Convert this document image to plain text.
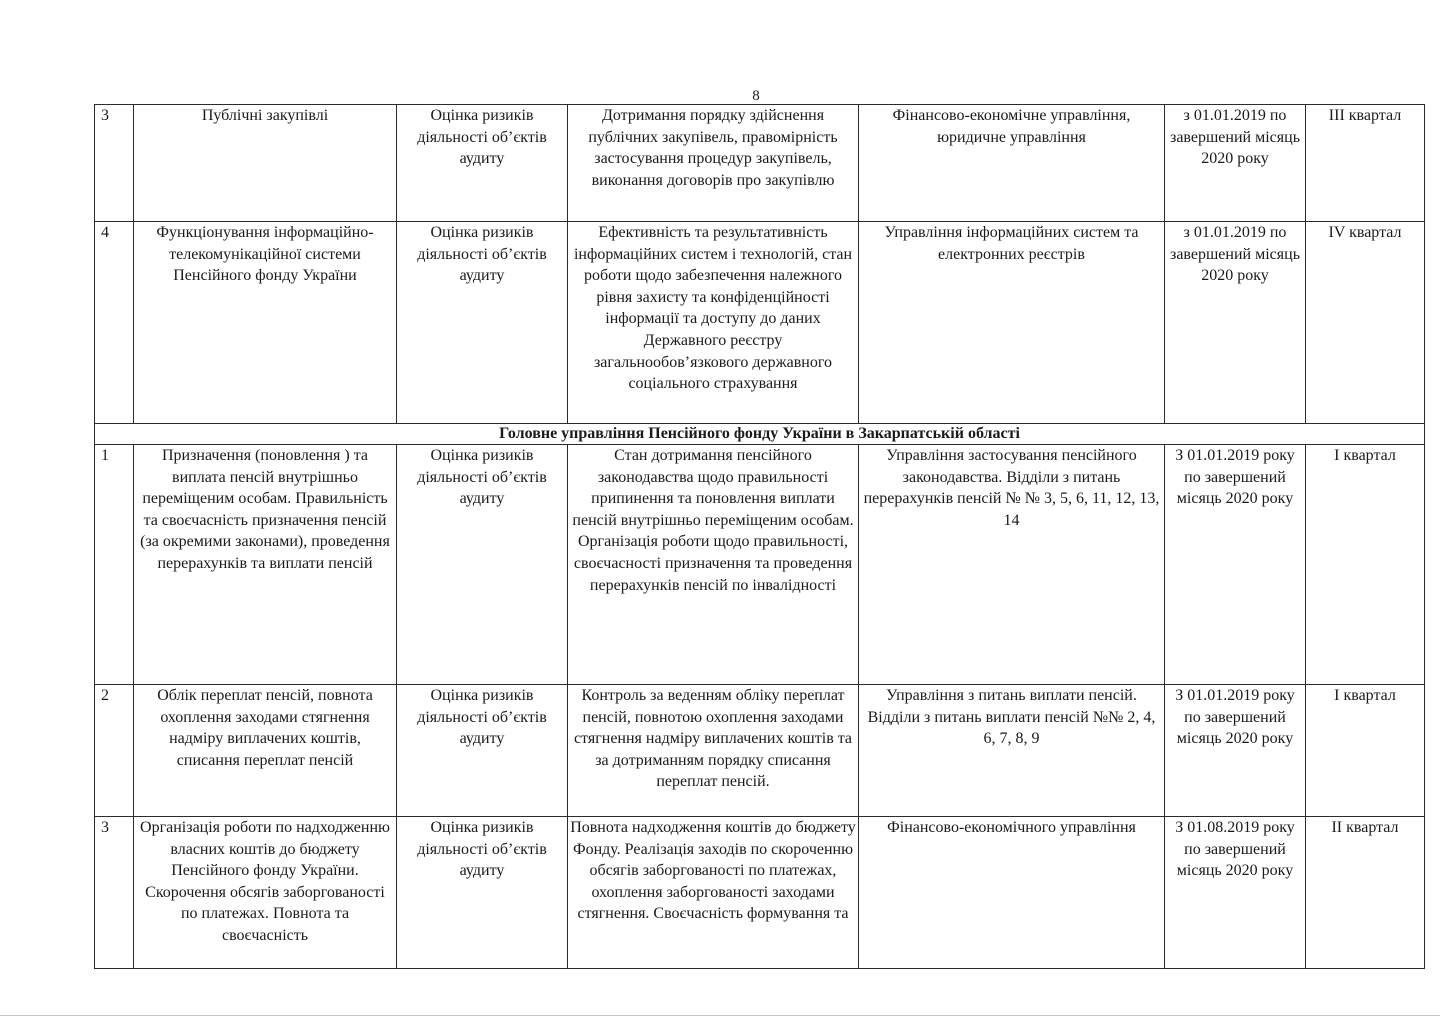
8
3	Публічні закупівлі	Оцінка ризиків діяльності об’єктів аудиту	Дотримання порядку здійснення публічних закупівель, правомірність застосування процедур закупівель, виконання договорів про закупівлю	Фінансово-економічне управління, юридичне управління	з 01.01.2019 по завершений місяць 2020 року	III квартал
4	Функціонування інформаційно-телекомунікаційної системи Пенсійного фонду України	Оцінка ризиків діяльності об’єктів аудиту	Ефективність та результативність інформаційних систем і технологій, стан роботи щодо забезпечення належного рівня захисту та конфіденційності інформації та доступу до даних Державного реєстру загальнообов’язкового державного соціального страхування	Управління інформаційних систем та електронних реєстрів	з 01.01.2019 по завершений місяць 2020 року	IV квартал
Головне управління Пенсійного фонду України в Закарпатській області						
1	Призначення (поновлення ) та виплата пенсій внутрішньо переміщеним особам. Правильність та своєчасність призначення пенсій (за окремими законами), проведення перерахунків та виплати пенсій	Оцінка ризиків діяльності об’єктів аудиту	Стан дотримання пенсійного законодавства щодо правильності припинення та поновлення виплати пенсій внутрішньо переміщеним особам. Організація роботи щодо правильності, своєчасності призначення та проведення перерахунків пенсій по інвалідності	Управління застосування пенсійного законодавства. Відділи з питань перерахунків пенсій № № 3, 5, 6, 11, 12, 13, 14	З 01.01.2019 року по завершений місяць 2020 року	I квартал
2	Облік переплат пенсій, повнота охоплення заходами стягнення надміру виплачених коштів, списання переплат пенсій	Оцінка ризиків діяльності об’єктів аудиту	Контроль за веденням обліку переплат пенсій, повнотою охоплення заходами стягнення надміру виплачених коштів та за дотриманням порядку списання переплат пенсій.	Управління з питань виплати пенсій. Відділи з питань виплати пенсій №№ 2, 4, 6, 7, 8, 9	З 01.01.2019 року по завершений місяць 2020 року	I квартал
3	Організація роботи по надходженню власних коштів до бюджету Пенсійного фонду України. Скорочення обсягів заборгованості по платежах. Повнота та своєчасність	Оцінка ризиків діяльності об’єктів аудиту	Повнота надходження коштів до бюджету Фонду. Реалізація заходів по скороченню обсягів заборгованості по платежах, охоплення заборгованості заходами стягнення. Своєчасність формування та	Фінансово-економічного управління	З 01.08.2019 року по завершений місяць 2020 року	II квартал
